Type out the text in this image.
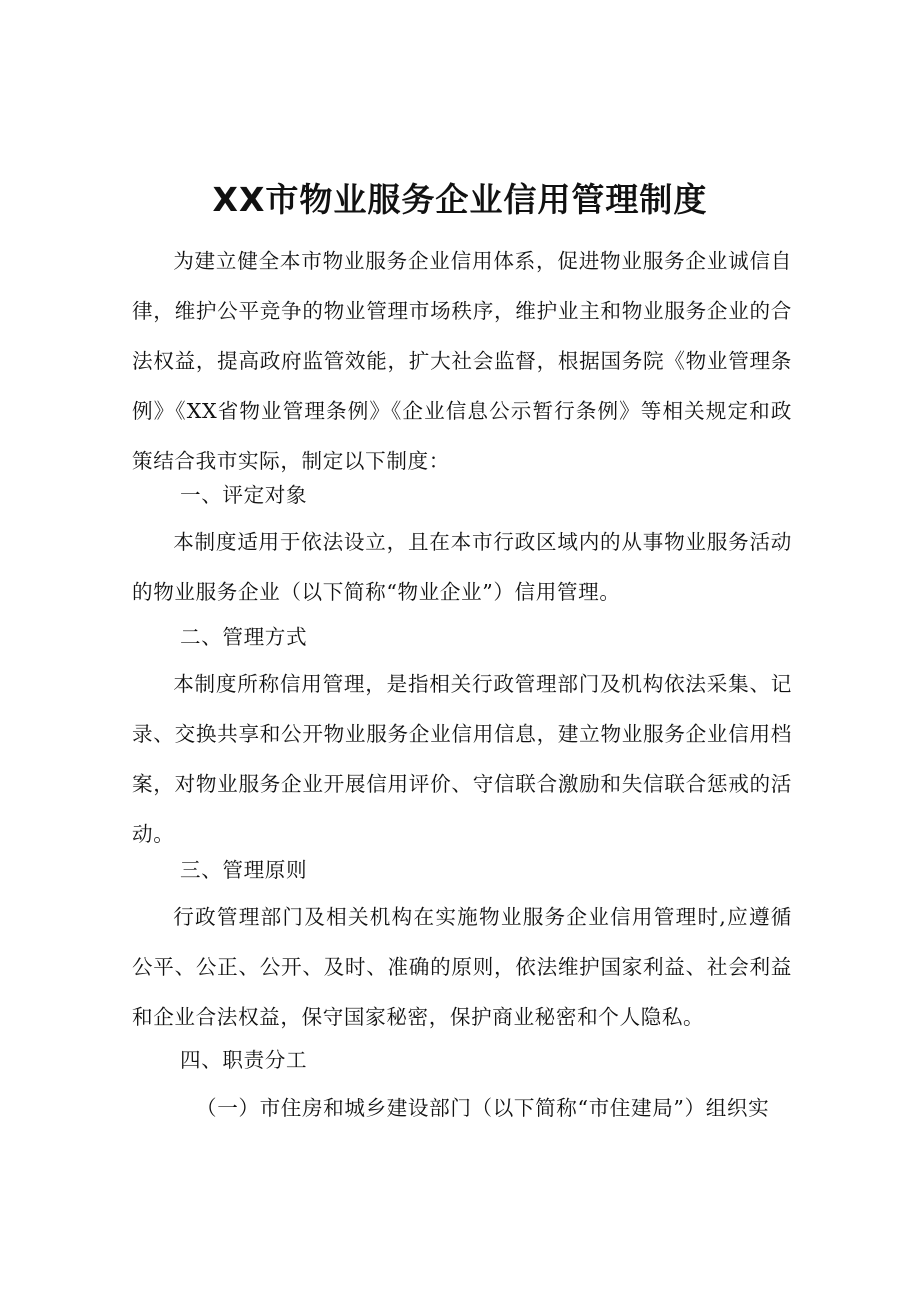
XX市物业服务企业信用管理制度

为建立健全本市物业服务企业信用体系，促进物业服务企业诚信自律，维护公平竞争的物业管理市场秩序，维护业主和物业服务企业的合法权益，提高政府监管效能，扩大社会监督，根据国务院《物业管理条例》《XX省物业管理条例》《企业信息公示暂行条例》等相关规定和政策结合我市实际，制定以下制度：

一、评定对象

本制度适用于依法设立，且在本市行政区域内的从事物业服务活动的物业服务企业（以下简称“物业企业”）信用管理。

二、管理方式

本制度所称信用管理，是指相关行政管理部门及机构依法采集、记录、交换共享和公开物业服务企业信用信息，建立物业服务企业信用档案，对物业服务企业开展信用评价、守信联合激励和失信联合惩戒的活动。

三、管理原则

行政管理部门及相关机构在实施物业服务企业信用管理时,应遵循公平、公正、公开、及时、准确的原则，依法维护国家利益、社会利益和企业合法权益，保守国家秘密，保护商业秘密和个人隐私。

四、职责分工

（一）市住房和城乡建设部门（以下简称“市住建局”）组织实
